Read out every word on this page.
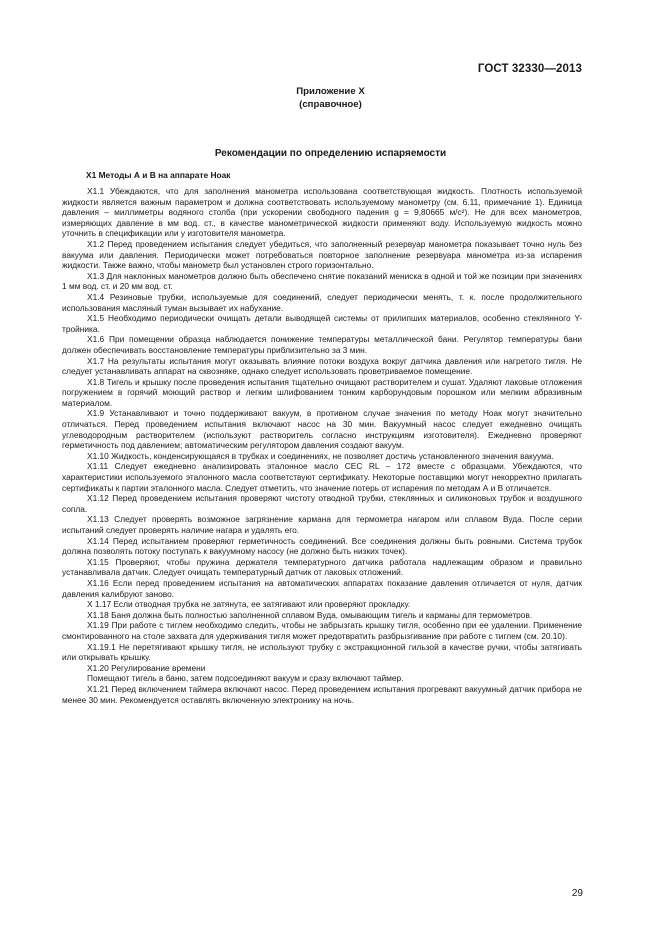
ГОСТ 32330—2013
Приложение Х
(справочное)
Рекомендации по определению испаряемости
Х1 Методы А и В на аппарате Ноак

Х1.1 Убеждаются, что для заполнения манометра использована соответствующая жидкость. Плотность используемой жидкости является важным параметром и должна соответствовать используемому манометру (см. 6.11, примечание 1). Единица давления – миллиметры водяного столба (при ускорении свободного падения g = 9,80665 м/с²). Не для всех манометров, измеряющих давление в мм вод. ст., в качестве манометрической жидкости применяют воду. Используемую жидкость можно уточнить в спецификации или у изготовителя манометра.

Х1.2 Перед проведением испытания следует убедиться, что заполненный резервуар манометра показывает точно нуль без вакуума или давления. Периодически может потребоваться повторное заполнение резервуара манометра из-за испарения жидкости. Также важно, чтобы манометр был установлен строго горизонтально.

Х1.3 Для наклонных манометров должно быть обеспечено снятие показаний мениска в одной и той же позиции при значениях 1 мм вод. ст. и 20 мм вод. ст.

Х1.4 Резиновые трубки, используемые для соединений, следует периодически менять, т. к. после продолжительного использования масляный туман вызывает их набухание.

Х1.5 Необходимо периодически очищать детали выводящей системы от прилипших материалов, особенно стеклянного Y-тройника.

Х1.6 При помещении образца наблюдается понижение температуры металлической бани. Регулятор температуры бани должен обеспечивать восстановление температуры приблизительно за 3 мин.

Х1.7 На результаты испытания могут оказывать влияние потоки воздуха вокруг датчика давления или нагретого тигля. Не следует устанавливать аппарат на сквозняке, однако следует использовать проветриваемое помещение.

Х1.8 Тигель и крышку после проведения испытания тщательно очищают растворителем и сушат. Удаляют лаковые отложения погружением в горячий моющий раствор и легким шлифованием тонким карборундовым порошком или мелким абразивным материалом.

Х1.9 Устанавливают и точно поддерживают вакуум, в противном случае значения по методу Ноак могут значительно отличаться. Перед проведением испытания включают насос на 30 мин. Вакуумный насос следует ежедневно очищать углеводородным растворителем (используют растворитель согласно инструкциям изготовителя). Ежедневно проверяют герметичность под давлением; автоматическим регулятором давления создают вакуум.

Х1.10 Жидкость, конденсирующаяся в трубках и соединениях, не позволяет достичь установленного значения вакуума.

Х1.11 Следует ежедневно анализировать эталонное масло CEC RL – 172 вместе с образцами. Убеждаются, что характеристики используемого эталонного масла соответствуют сертификату. Некоторые поставщики могут некорректно прилагать сертификаты к партии эталонного масла. Следует отметить, что значение потерь от испарения по методам А и В отличается.

Х1.12 Перед проведением испытания проверяют чистоту отводной трубки, стеклянных и силиконовых трубок и воздушного сопла.

Х1.13 Следует проверять возможное загрязнение кармана для термометра нагаром или сплавом Вуда. После серии испытаний следует проверять наличие нагара и удалять его.

Х1.14 Перед испытанием проверяют герметичность соединений. Все соединения должны быть ровными. Система трубок должна позволять потоку поступать к вакуумному насосу (не должно быть низких точек).

Х1.15 Проверяют, чтобы пружина держателя температурного датчика работала надлежащим образом и правильно устанавливала датчик. Следует очищать температурный датчик от лаковых отложений.

Х1.16 Если перед проведением испытания на автоматических аппаратах показание давления отличается от нуля, датчик давления калибруют заново.

Х 1.17 Если отводная трубка не затянута, ее затягивают или проверяют прокладку.

Х1.18 Баня должна быть полностью заполненной сплавом Вуда, омывающим тигель и карманы для термометров.

Х1.19 При работе с тиглем необходимо следить, чтобы не забрызгать крышку тигля, особенно при ее удалении. Применение смонтированного на столе захвата для удерживания тигля может предотвратить разбрызгивание при работе с тиглем (см. 20.10).

Х1.19.1 Не перетягивают крышку тигля, не используют трубку с экстракционной гильзой в качестве ручки, чтобы затягивать или открывать крышку.

Х1.20 Регулирование времени

Помещают тигель в баню, затем подсоединяют вакуум и сразу включают таймер.

Х1.21 Перед включением таймера включают насос. Перед проведением испытания прогревают вакуумный датчик прибора не менее 30 мин. Рекомендуется оставлять включенную электронику на ночь.

29
